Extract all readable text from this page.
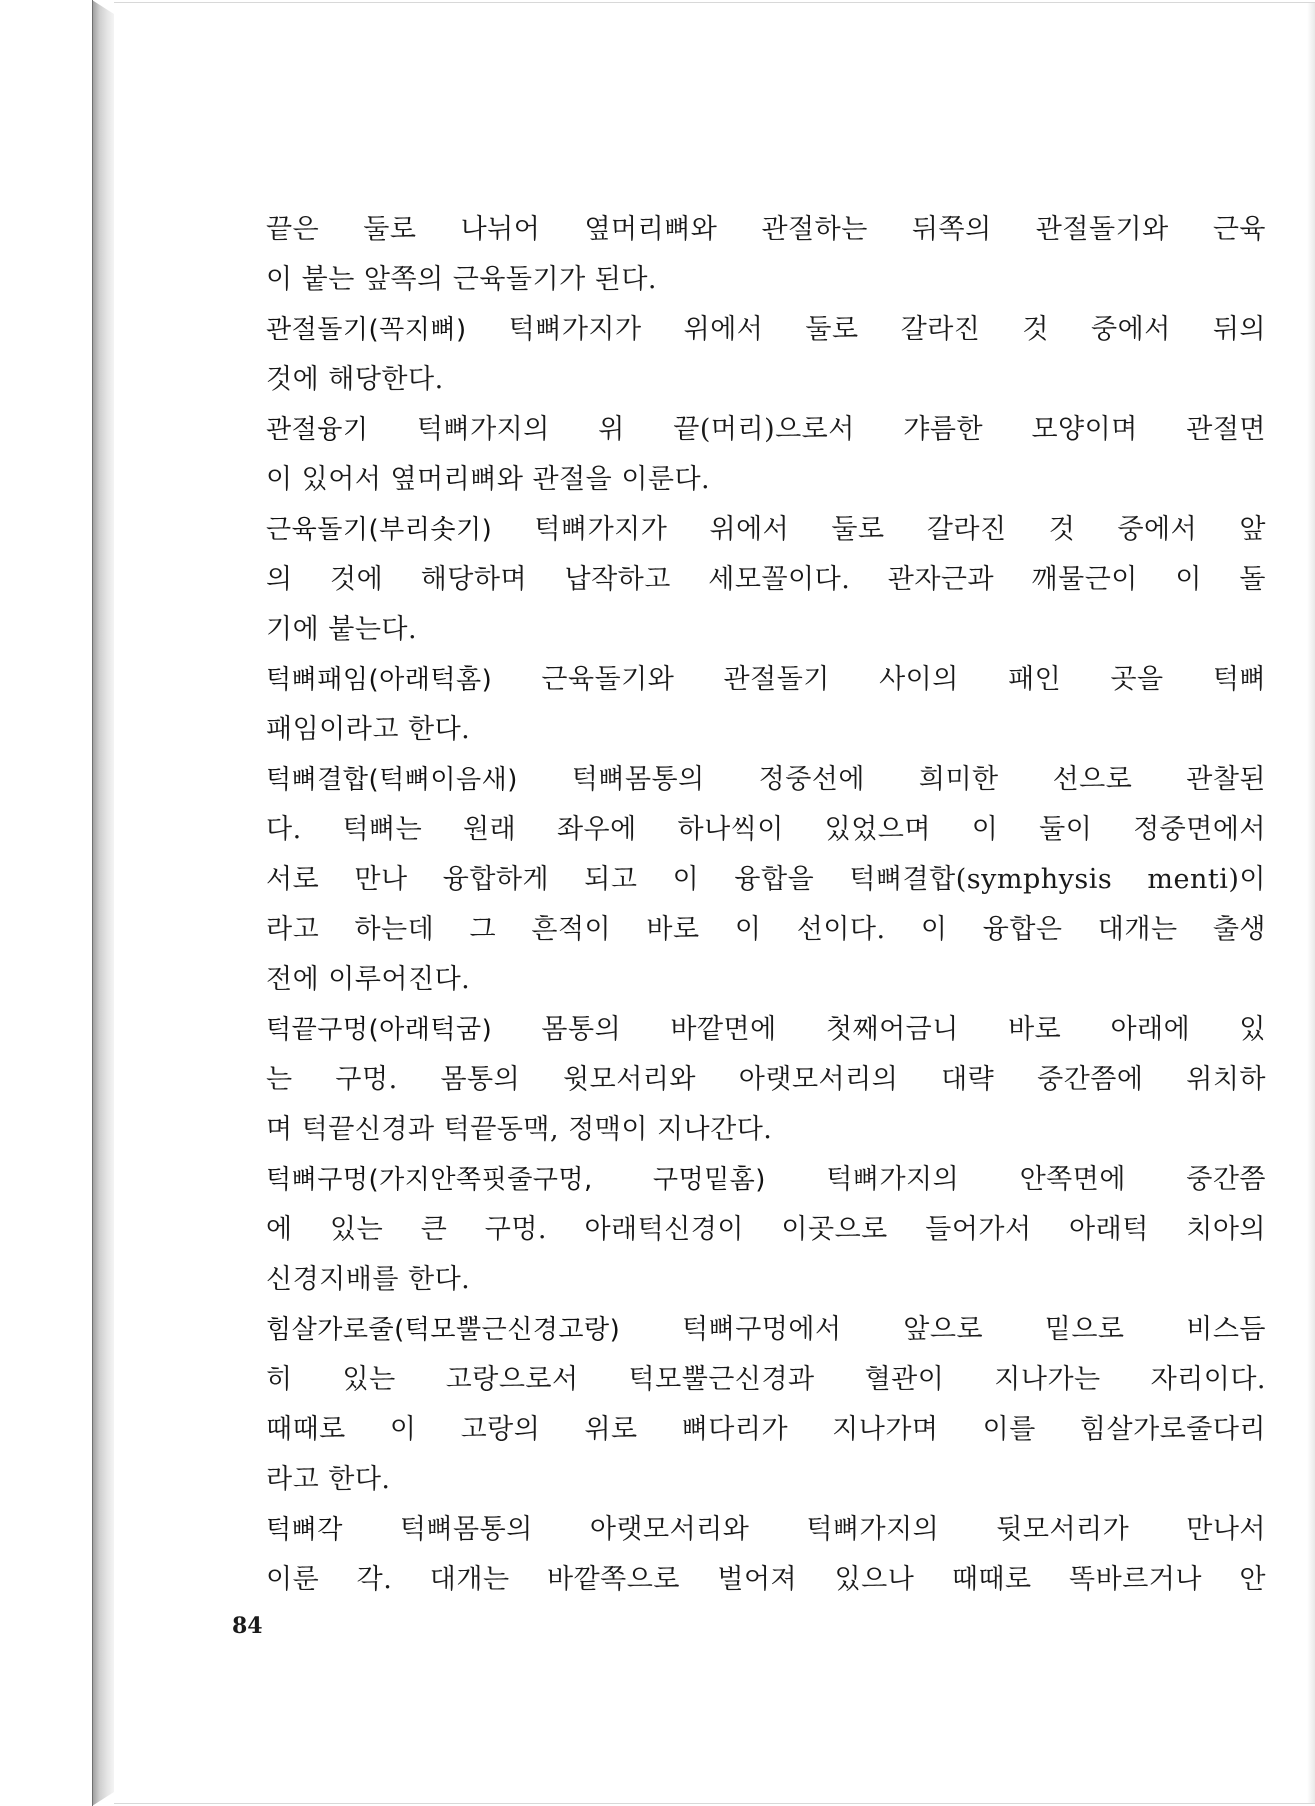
끝은 둘로 나뉘어 옆머리뼈와 관절하는 뒤쪽의 관절돌기와 근육
이 붙는 앞쪽의 근육돌기가 된다.
관절돌기(꼭지뼈) 턱뼈가지가 위에서 둘로 갈라진 것 중에서 뒤의
것에 해당한다.
관절융기 턱뼈가지의 위 끝(머리)으로서 갸름한 모양이며 관절면
이 있어서 옆머리뼈와 관절을 이룬다.
근육돌기(부리솟기) 턱뼈가지가 위에서 둘로 갈라진 것 중에서 앞
의 것에 해당하며 납작하고 세모꼴이다. 관자근과 깨물근이 이 돌
기에 붙는다.
턱뼈패임(아래턱홈) 근육돌기와 관절돌기 사이의 패인 곳을 턱뼈
패임이라고 한다.
턱뼈결합(턱뼈이음새) 턱뼈몸통의 정중선에 희미한 선으로 관찰된
다. 턱뼈는 원래 좌우에 하나씩이 있었으며 이 둘이 정중면에서
서로 만나 융합하게 되고 이 융합을 턱뼈결합(symphysis menti)이
라고 하는데 그 흔적이 바로 이 선이다. 이 융합은 대개는 출생
전에 이루어진다.
턱끝구멍(아래턱굼) 몸통의 바깥면에 첫째어금니 바로 아래에 있
는 구멍. 몸통의 윗모서리와 아랫모서리의 대략 중간쯤에 위치하
며 턱끝신경과 턱끝동맥, 정맥이 지나간다.
턱뼈구멍(가지안쪽핏줄구멍, 구멍밑홈) 턱뼈가지의 안쪽면에 중간쯤
에 있는 큰 구멍. 아래턱신경이 이곳으로 들어가서 아래턱 치아의
신경지배를 한다.
힘살가로줄(턱모뿔근신경고랑) 턱뼈구멍에서 앞으로 밑으로 비스듬
히 있는 고랑으로서 턱모뿔근신경과 혈관이 지나가는 자리이다.
때때로 이 고랑의 위로 뼈다리가 지나가며 이를 힘살가로줄다리
라고 한다.
턱뼈각 턱뼈몸통의 아랫모서리와 턱뼈가지의 뒷모서리가 만나서
이룬 각. 대개는 바깥쪽으로 벌어져 있으나 때때로 똑바르거나 안
84
